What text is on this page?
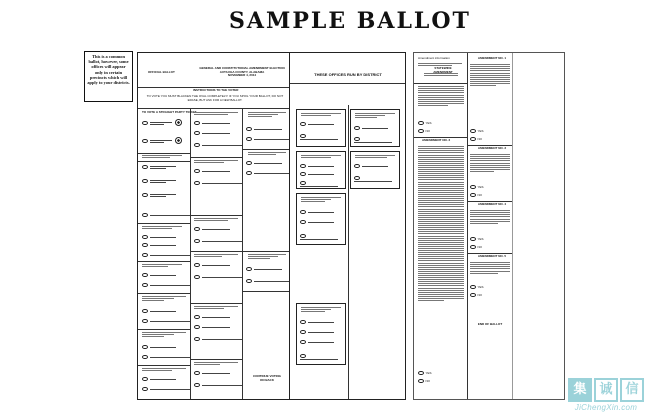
SAMPLE BALLOT
This is a common ballot, however, some offices will appear only in certain precincts which will apply to your districts.
OFFICIAL BALLOT
GENERAL AND CONSTITUTIONAL AMENDMENT ELECTION
AUTAUGA COUNTY, ALABAMA
NOVEMBER 4, 2014
INSTRUCTIONS TO THE VOTER
TO VOTE YOU MUST BLACKEN THE OVAL COMPLETELY! IF YOU SPOIL YOUR BALLOT, DO NOT ERASE, BUT ASK FOR A NEW BALLOT.
TO VOTE A STRAIGHT PARTY TICKET
CONTINUE VOTING
ON BACK
THESE OFFICES RUN BY DISTRICT
Amendment information
STATEWIDE AMENDMENT
YES
NO
AMENDMENT NO. 2
YES
NO
AMENDMENT NO. 1
YES
NO
AMENDMENT NO. 3
YES
NO
AMENDMENT NO. 4
YES
NO
AMENDMENT NO. 5
YES
NO
END OF BALLOT
集 诚 信
JiChengXin.com
